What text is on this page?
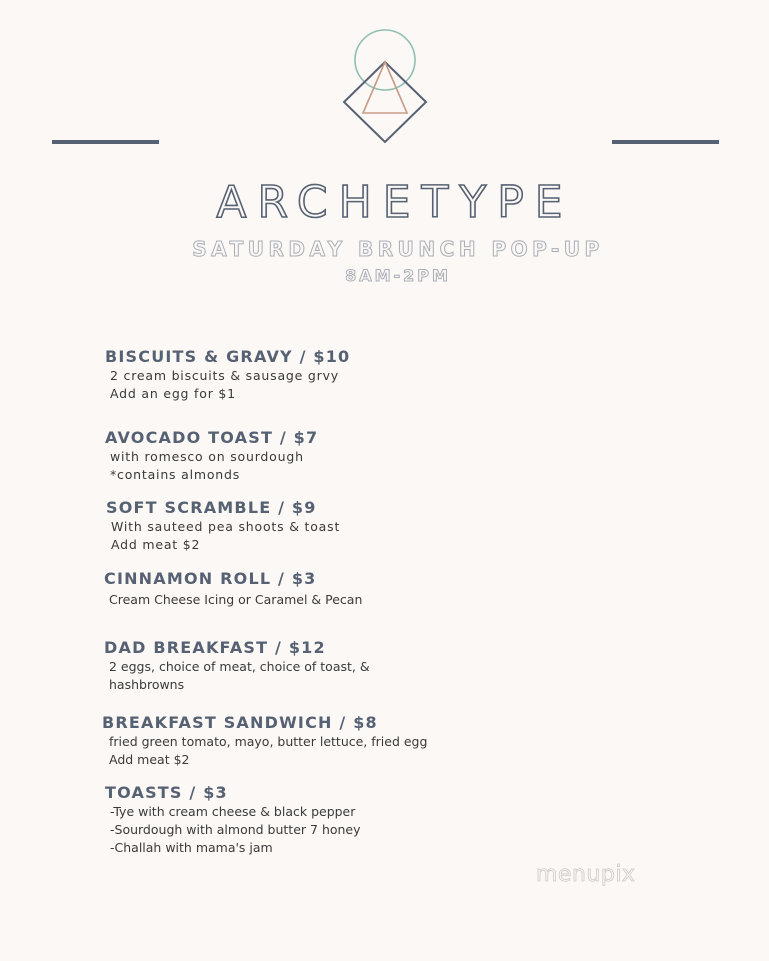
ARCHETYPE
SATURDAY BRUNCH POP-UP
8AM-2PM
BISCUITS & GRAVY / $10
2 cream biscuits & sausage grvy
Add an egg for $1
AVOCADO TOAST / $7
with romesco on sourdough
*contains almonds
SOFT SCRAMBLE / $9
With sauteed pea shoots & toast
Add meat $2
CINNAMON ROLL / $3
Cream Cheese Icing or Caramel & Pecan
DAD BREAKFAST / $12
2 eggs, choice of meat, choice of toast, &
hashbrowns
BREAKFAST SANDWICH / $8
fried green tomato, mayo, butter lettuce, fried egg
Add meat $2
TOASTS / $3
-Tye with cream cheese & black pepper
-Sourdough with almond butter 7 honey
-Challah with mama's jam
menupix
